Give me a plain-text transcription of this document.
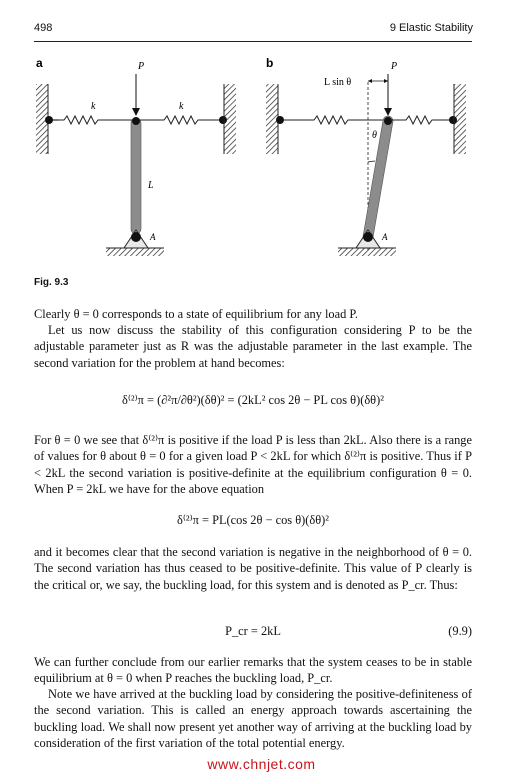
498	9 Elastic Stability
a
k	k
P
L
A
b
θ
L sin θ
P
A
Fig. 9.3

Clearly θ = 0 corresponds to a state of equilibrium for any load P.

Let us now discuss the stability of this configuration considering P to be the adjustable parameter just as R was the adjustable parameter in the last example. The second variation for the problem at hand becomes:
δ⁽²⁾π = (∂²π/∂θ²)(δθ)² = (2kL² cos 2θ − PL cos θ)(δθ)²
For θ = 0 we see that δ⁽²⁾π is positive if the load P is less than 2kL. Also there is a range of values for θ about θ = 0 for a given load P < 2kL for which δ⁽²⁾π is positive. Thus if P < 2kL the second variation is positive-definite at the equilibrium configuration θ = 0. When P = 2kL we have for the above equation
δ⁽²⁾π = PL(cos 2θ − cos θ)(δθ)²
and it becomes clear that the second variation is negative in the neighborhood of θ = 0. The second variation has thus ceased to be positive-definite. This value of P clearly is the critical or, we say, the buckling load, for this system and is denoted as P_cr. Thus:
P_cr = 2kL	(9.9)
We can further conclude from our earlier remarks that the system ceases to be in stable equilibrium at θ = 0 when P reaches the buckling load, P_cr.
Note we have arrived at the buckling load by considering the positive-definiteness of the second variation. This is called an energy approach towards ascertaining the buckling load. We shall now present yet another way of arriving at the buckling load by consideration of the first variation of the total potential energy.
www.chnjet.com
